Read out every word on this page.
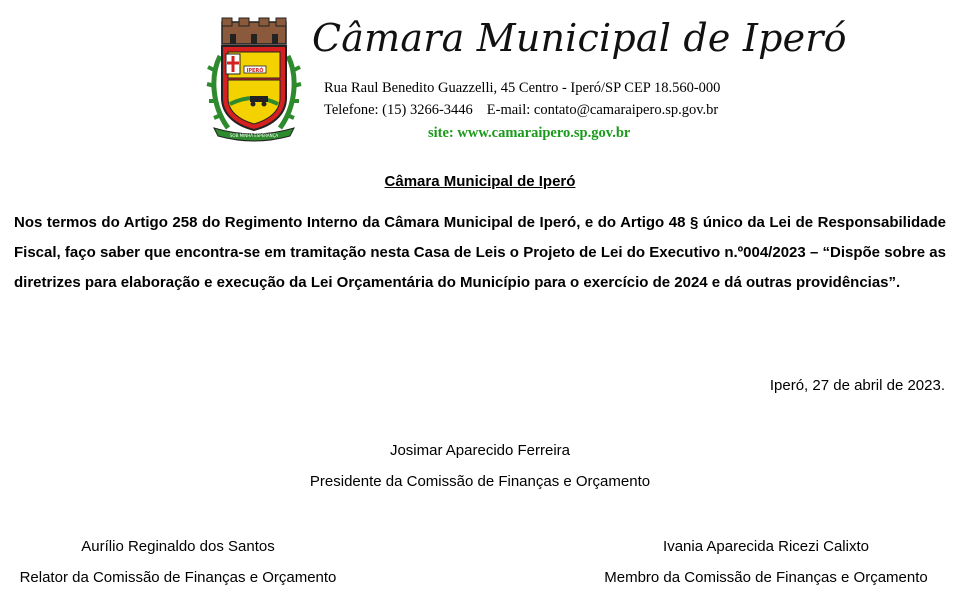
IPERÓ
SOB MINHA ESPERANÇA
Câmara Municipal de Iperó
Rua Raul Benedito Guazzelli, 45 Centro - Iperó/SP CEP 18.560-000
Telefone: (15) 3266-3446 E-mail: contato@camaraipero.sp.gov.br
site: www.camaraipero.sp.gov.br
Câmara Municipal de Iperó

Nos termos do Artigo 258 do Regimento Interno da Câmara Municipal de Iperó, e do Artigo 48 § único da Lei de Responsabilidade Fiscal, faço saber que encontra-se em tramitação nesta Casa de Leis o Projeto de Lei do Executivo n.º004/2023 – “Dispõe sobre as diretrizes para elaboração e execução da Lei Orçamentária do Município para o exercício de 2024 e dá outras providências”.

Iperó, 27 de abril de 2023.
Josimar Aparecido Ferreira
Presidente da Comissão de Finanças e Orçamento
Aurílio Reginaldo dos Santos
Relator da Comissão de Finanças e Orçamento
Ivania Aparecida Ricezi Calixto
Membro da Comissão de Finanças e Orçamento
